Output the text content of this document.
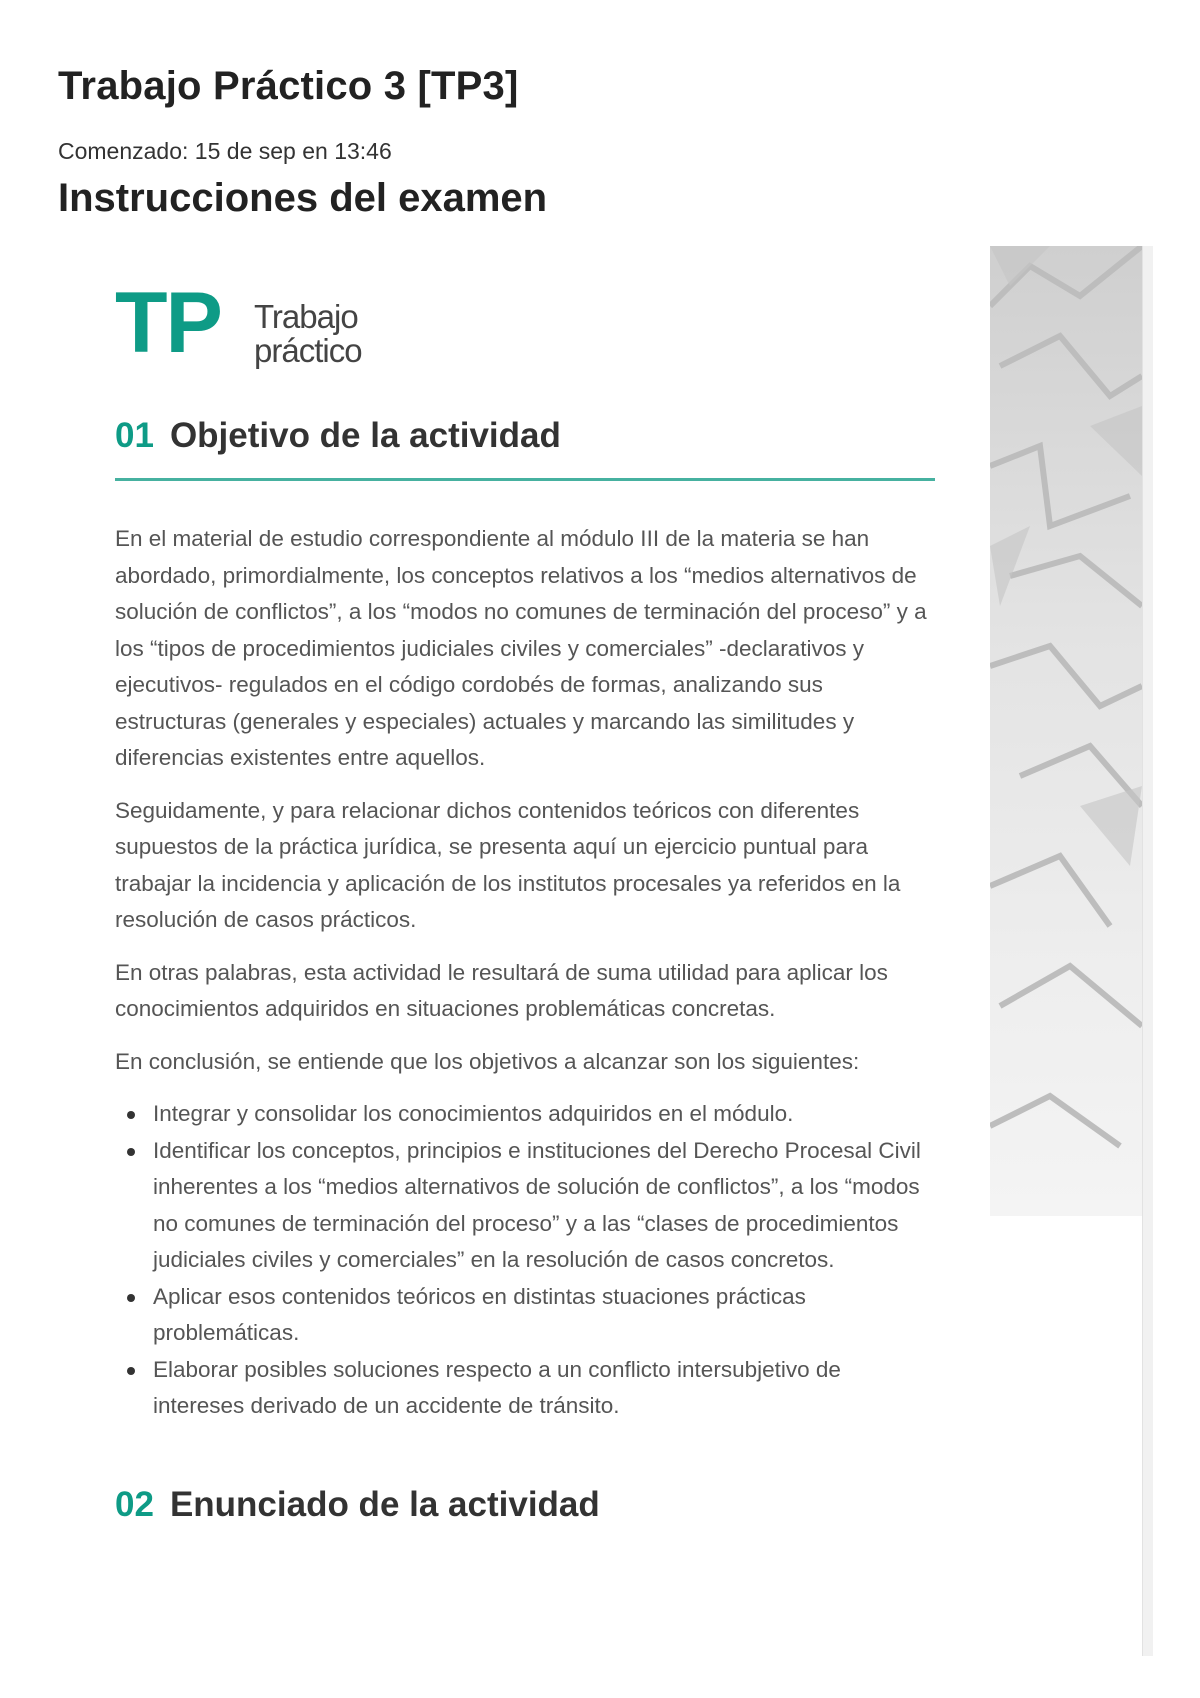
Trabajo Práctico 3 [TP3]

Comenzado: 15 de sep en 13:46

Instrucciones del examen
TP Trabajo
práctico
01 Objetivo de la actividad

En el material de estudio correspondiente al módulo III de la materia se han abordado, primordialmente, los conceptos relativos a los “medios alternativos de solución de conflictos”, a los “modos no comunes de terminación del proceso” y a los “tipos de procedimientos judiciales civiles y comerciales” -declarativos y ejecutivos- regulados en el código cordobés de formas, analizando sus estructuras (generales y especiales) actuales y marcando las similitudes y diferencias existentes entre aquellos.

Seguidamente, y para relacionar dichos contenidos teóricos con diferentes supuestos de la práctica jurídica, se presenta aquí un ejercicio puntual para trabajar la incidencia y aplicación de los institutos procesales ya referidos en la resolución de casos prácticos.

En otras palabras, esta actividad le resultará de suma utilidad para aplicar los conocimientos adquiridos en situaciones problemáticas concretas.

En conclusión, se entiende que los objetivos a alcanzar son los siguientes:

Integrar y consolidar los conocimientos adquiridos en el módulo.
Identificar los conceptos, principios e instituciones del Derecho Procesal Civil inherentes a los “medios alternativos de solución de conflictos”, a los “modos no comunes de terminación del proceso” y a las “clases de procedimientos judiciales civiles y comerciales” en la resolución de casos concretos.
Aplicar esos contenidos teóricos en distintas stuaciones prácticas problemáticas.
Elaborar posibles soluciones respecto a un conflicto intersubjetivo de intereses derivado de un accidente de tránsito.
02 Enunciado de la actividad
